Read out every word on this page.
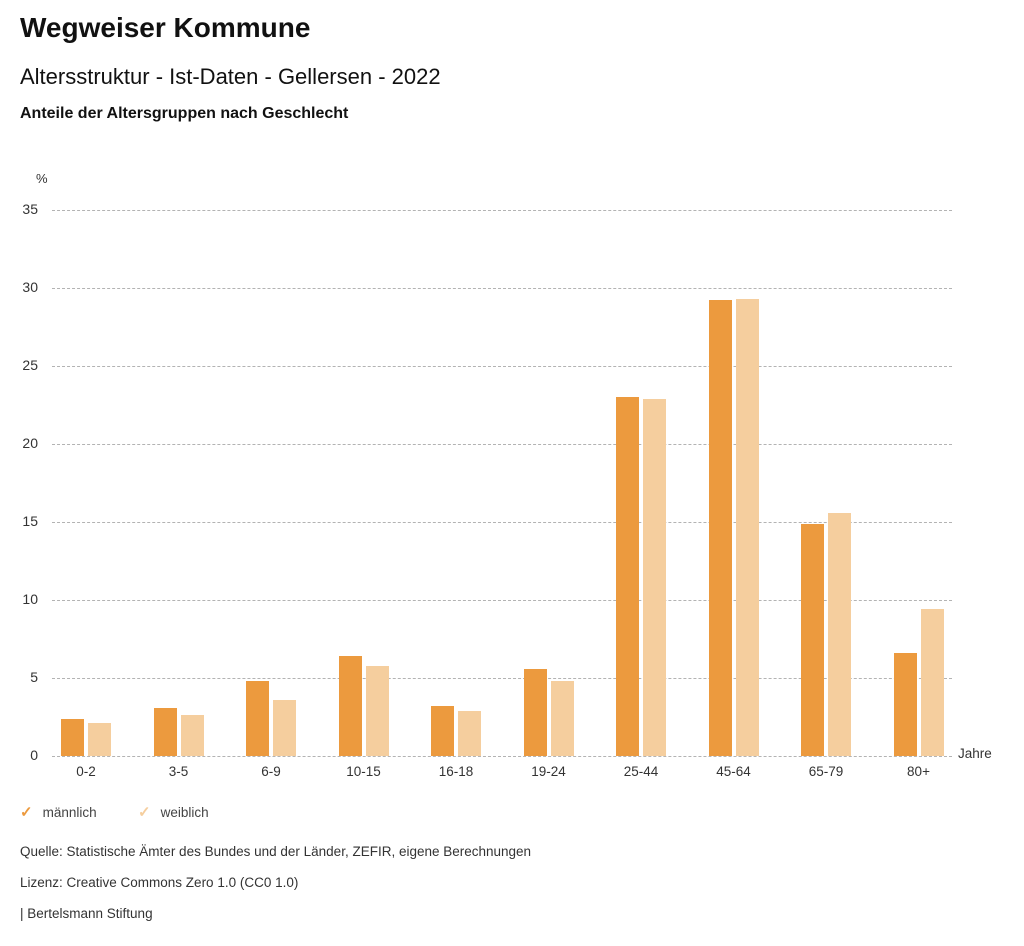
Wegweiser Kommune
Altersstruktur - Ist-Daten - Gellersen - 2022
Anteile der Altersgruppen nach Geschlecht
%
35
30
25
20
15
10
5
0
0-2	3-5	6-9	10-15	16-18	19-24	25-44	45-64	65-79	80+
Jahre
✓ männlich	✓ weiblich
Quelle: Statistische Ämter des Bundes und der Länder, ZEFIR, eigene Berechnungen
Lizenz: Creative Commons Zero 1.0 (CC0 1.0)
| Bertelsmann Stiftung
